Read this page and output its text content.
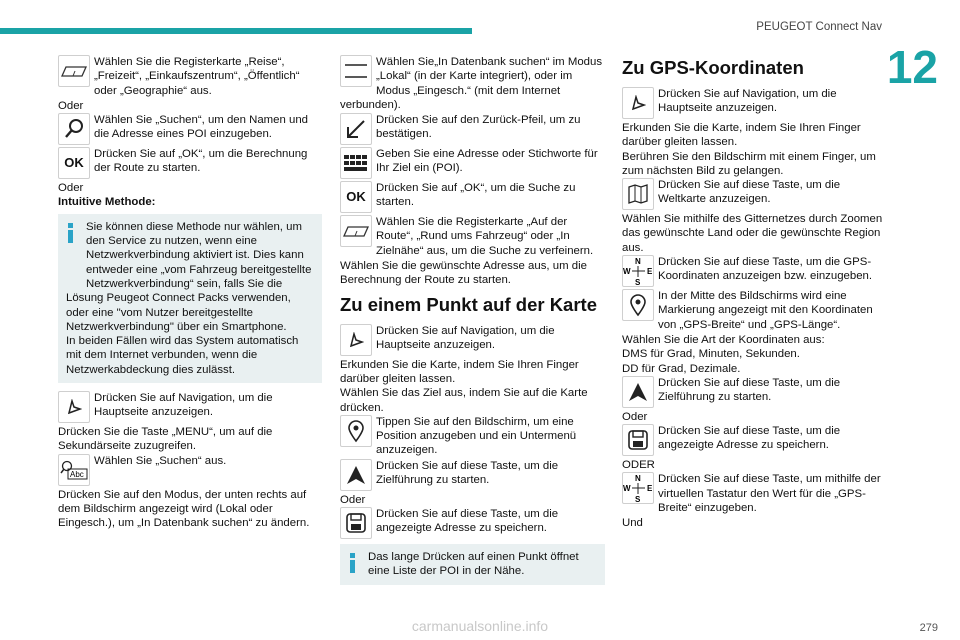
PEUGEOT Connect Nav
12
Wählen Sie die Registerkarte „Reise“, „Freizeit“, „Einkaufszentrum“, „Öffentlich“ oder „Geographie“ aus.

Oder

Wählen Sie „Suchen“, um den Namen und die Adresse eines POI einzugeben.
OK
Drücken Sie auf „OK“, um die Berechnung der Route zu starten.

Oder

Intuitive Methode:

Sie können diese Methode nur wählen, um den Service zu nutzen, wenn eine Netzwerkverbindung aktiviert ist. Dies kann entweder eine „vom Fahrzeug bereitgestellte Netzwerkverbindung“ sein, falls Sie die Lösung Peugeot Connect Packs verwenden, oder eine "vom Nutzer bereitgestellte Netzwerkverbindung" über ein Smartphone.

In beiden Fällen wird das System automatisch mit dem Internet verbunden, wenn die Netzwerkabdeckung dies zulässt.

Drücken Sie auf Navigation, um die Hauptseite anzuzeigen.

Drücken Sie die Taste „MENU“, um auf die Sekundärseite zuzugreifen.

Abc
Wählen Sie „Suchen“ aus.

Drücken Sie auf den Modus, der unten rechts auf dem Bildschirm angezeigt wird (Lokal oder Eingesch.), um „In Datenbank suchen“ zu ändern.

Wählen Sie„In Datenbank suchen“ im Modus „Lokal“ (in der Karte integriert), oder im Modus „Eingesch.“ (mit dem Internet verbunden).
Drücken Sie auf den Zurück-Pfeil, um zu bestätigen.
Geben Sie eine Adresse oder Stichworte für Ihr Ziel ein (POI).
OK
Drücken Sie auf „OK“, um die Suche zu starten.
Wählen Sie die Registerkarte „Auf der Route“, „Rund ums Fahrzeug“ oder „In Zielnähe“ aus, um die Suche zu verfeinern.

Wählen Sie die gewünschte Adresse aus, um die Berechnung der Route zu starten.

Zu einem Punkt auf der Karte
Drücken Sie auf Navigation, um die Hauptseite anzuzeigen.

Erkunden Sie die Karte, indem Sie Ihren Finger darüber gleiten lassen.

Wählen Sie das Ziel aus, indem Sie auf die Karte drücken.

Tippen Sie auf den Bildschirm, um eine Position anzugeben und ein Untermenü anzuzeigen.
Drücken Sie auf diese Taste, um die Zielführung zu starten.

Oder

Drücken Sie auf diese Taste, um die angezeigte Adresse zu speichern.

Das lange Drücken auf einen Punkt öffnet eine Liste der POI in der Nähe.

Zu GPS-Koordinaten
Drücken Sie auf Navigation, um die Hauptseite anzuzeigen.

Erkunden Sie die Karte, indem Sie Ihren Finger darüber gleiten lassen.

Berühren Sie den Bildschirm mit einem Finger, um zum nächsten Bild zu gelangen.

Drücken Sie auf diese Taste, um die Weltkarte anzuzeigen.

Wählen Sie mithilfe des Gitternetzes durch Zoomen das gewünschte Land oder die gewünschte Region aus.

N
S
W E
Drücken Sie auf diese Taste, um die GPS-Koordinaten anzuzeigen bzw. einzugeben.
In der Mitte des Bildschirms wird eine Markierung angezeigt mit den Koordinaten von „GPS-Breite“ und „GPS-Länge“.

Wählen Sie die Art der Koordinaten aus:

DMS für Grad, Minuten, Sekunden.

DD für Grad, Dezimale.

Drücken Sie auf diese Taste, um die Zielführung zu starten.

Oder

Drücken Sie auf diese Taste, um die angezeigte Adresse zu speichern.

ODER

N
S
W E
Drücken Sie auf diese Taste, um mithilfe der virtuellen Tastatur den Wert für die „GPS-Breite“ einzugeben.

Und

carmanualsonline.info	279
